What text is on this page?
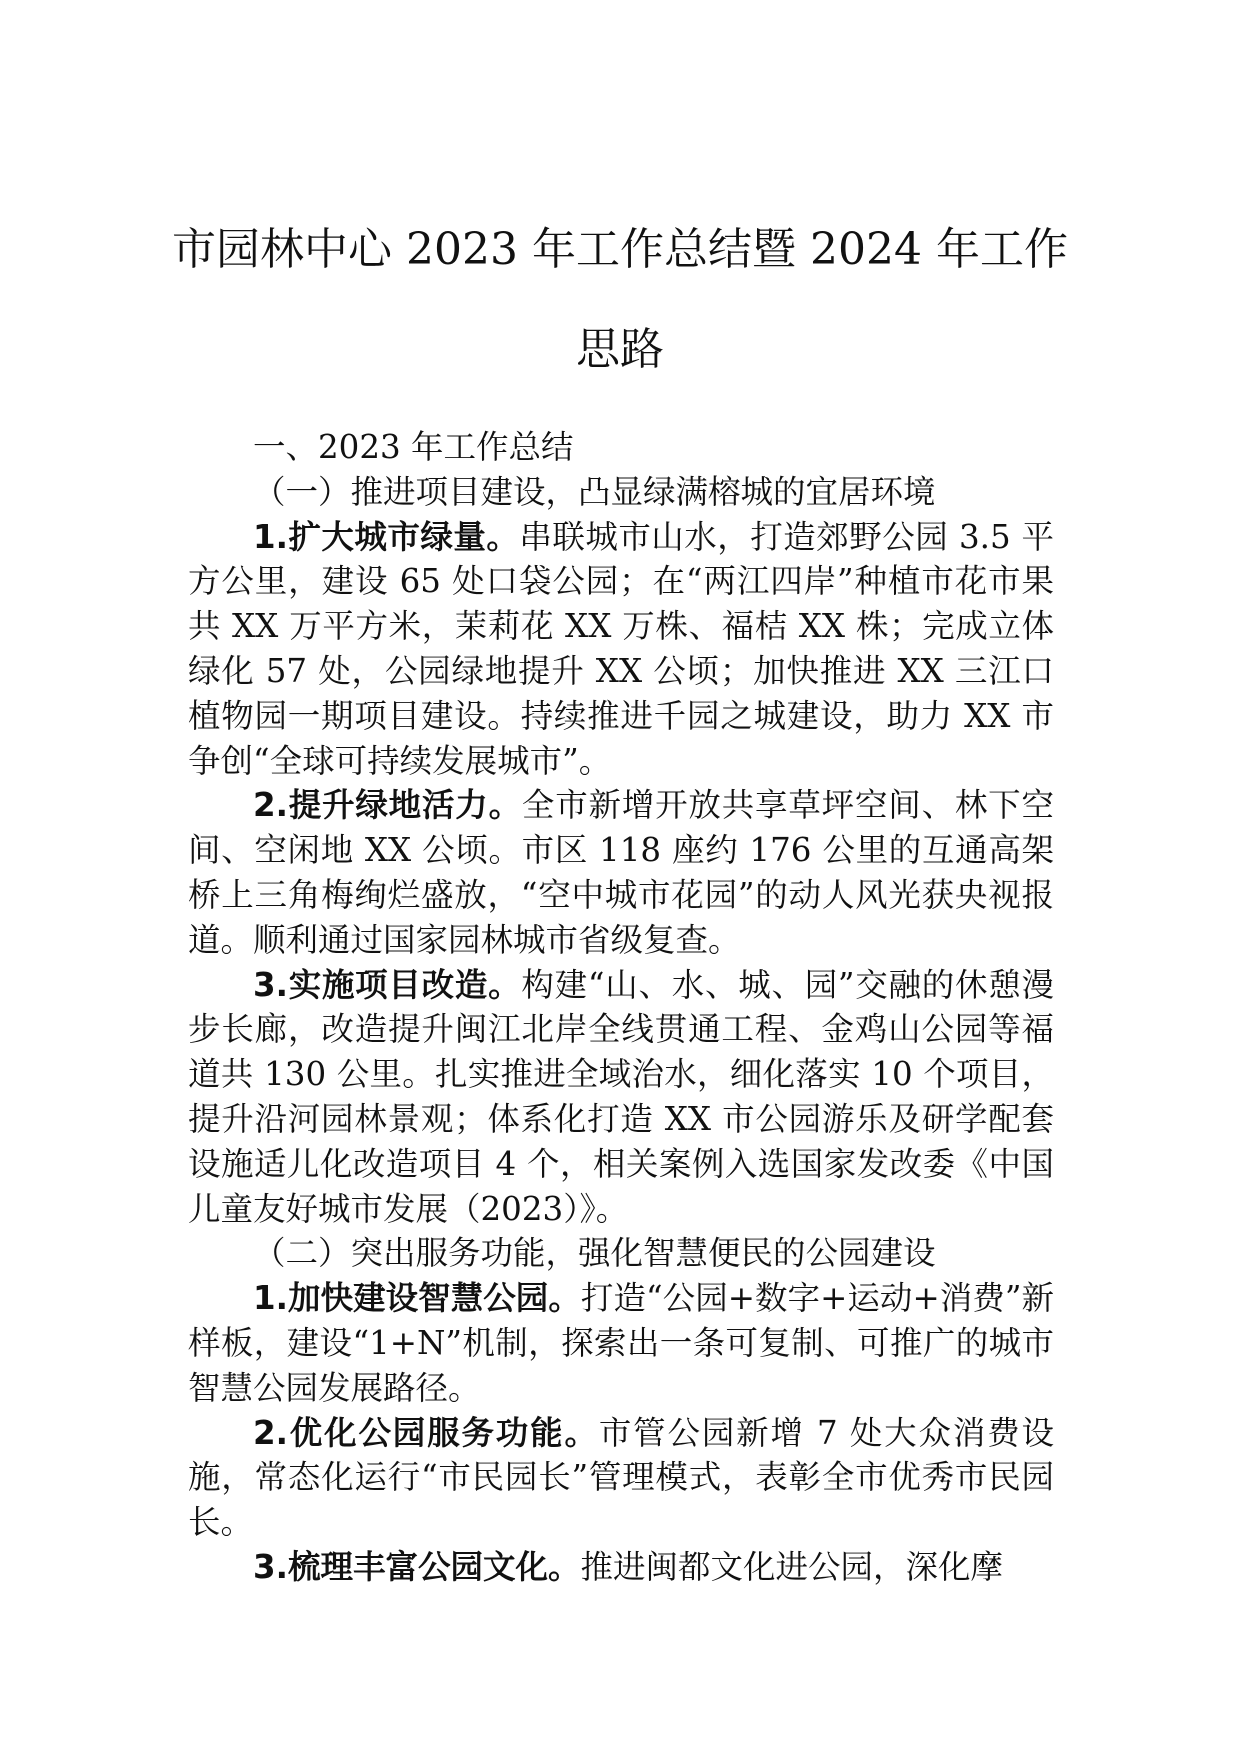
市园林中心 2023 年工作总结暨 2024 年工作
思路

一、2023 年工作总结

（一）推进项目建设，凸显绿满榕城的宜居环境

1.扩大城市绿量。串联城市山水，打造郊野公园 3.5 平方公里，建设 65 处口袋公园；在“两江四岸”种植市花市果共 XX 万平方米，茉莉花 XX 万株、福桔 XX 株；完成立体绿化 57 处，公园绿地提升 XX 公顷；加快推进 XX 三江口植物园一期项目建设。持续推进千园之城建设，助力 XX 市争创“全球可持续发展城市”。

2.提升绿地活力。全市新增开放共享草坪空间、林下空间、空闲地 XX 公顷。市区 118 座约 176 公里的互通高架桥上三角梅绚烂盛放，“空中城市花园”的动人风光获央视报道。顺利通过国家园林城市省级复查。

3.实施项目改造。构建“山、水、城、园”交融的休憩漫步长廊，改造提升闽江北岸全线贯通工程、金鸡山公园等福道共 130 公里。扎实推进全域治水，细化落实 10 个项目，提升沿河园林景观；体系化打造 XX 市公园游乐及研学配套设施适儿化改造项目 4 个，相关案例入选国家发改委《中国儿童友好城市发展（2023）》。

（二）突出服务功能，强化智慧便民的公园建设

1.加快建设智慧公园。打造“公园+数字+运动+消费”新样板，建设“1+N”机制，探索出一条可复制、可推广的城市智慧公园发展路径。

2.优化公园服务功能。市管公园新增 7 处大众消费设施，常态化运行“市民园长”管理模式，表彰全市优秀市民园长。

3.梳理丰富公园文化。推进闽都文化进公园，深化摩
